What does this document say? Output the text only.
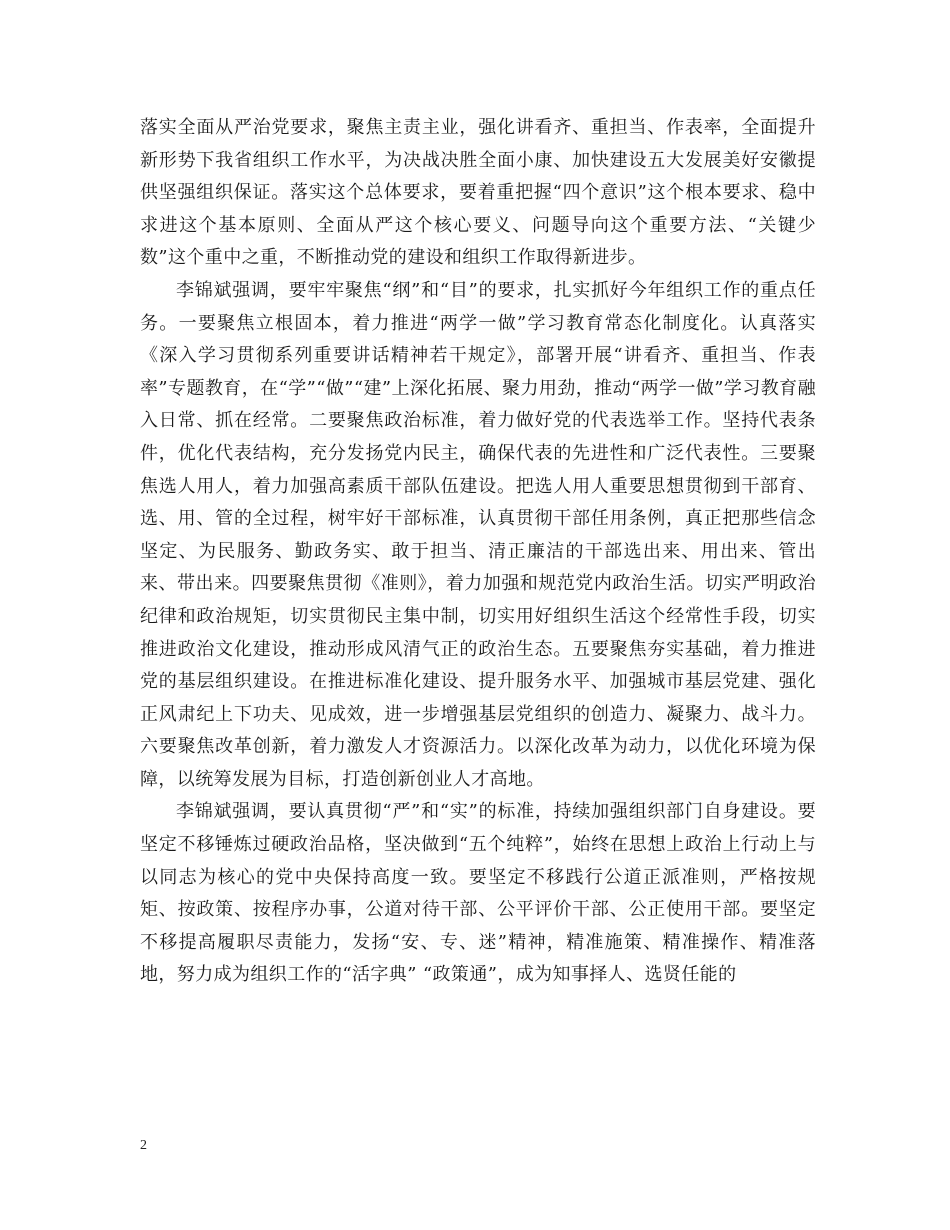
落实全面从严治党要求，聚焦主责主业，强化讲看齐、重担当、作表率，全面提升新形势下我省组织工作水平，为决战决胜全面小康、加快建设五大发展美好安徽提供坚强组织保证。落实这个总体要求，要着重把握“四个意识”这个根本要求、稳中求进这个基本原则、全面从严这个核心要义、问题导向这个重要方法、“关键少数”这个重中之重，不断推动党的建设和组织工作取得新进步。

李锦斌强调，要牢牢聚焦“纲”和“目”的要求，扎实抓好今年组织工作的重点任务。一要聚焦立根固本，着力推进“两学一做”学习教育常态化制度化。认真落实《深入学习贯彻系列重要讲话精神若干规定》，部署开展“讲看齐、重担当、作表率”专题教育，在“学”“做”“建”上深化拓展、聚力用劲，推动“两学一做”学习教育融入日常、抓在经常。二要聚焦政治标准，着力做好党的代表选举工作。坚持代表条件，优化代表结构，充分发扬党内民主，确保代表的先进性和广泛代表性。三要聚焦选人用人，着力加强高素质干部队伍建设。把选人用人重要思想贯彻到干部育、选、用、管的全过程，树牢好干部标准，认真贯彻干部任用条例，真正把那些信念坚定、为民服务、勤政务实、敢于担当、清正廉洁的干部选出来、用出来、管出来、带出来。四要聚焦贯彻《准则》，着力加强和规范党内政治生活。切实严明政治纪律和政治规矩，切实贯彻民主集中制，切实用好组织生活这个经常性手段，切实推进政治文化建设，推动形成风清气正的政治生态。五要聚焦夯实基础，着力推进党的基层组织建设。在推进标准化建设、提升服务水平、加强城市基层党建、强化正风肃纪上下功夫、见成效，进一步增强基层党组织的创造力、凝聚力、战斗力。六要聚焦改革创新，着力激发人才资源活力。以深化改革为动力，以优化环境为保障，以统筹发展为目标，打造创新创业人才高地。

李锦斌强调，要认真贯彻“严”和“实”的标准，持续加强组织部门自身建设。要坚定不移锤炼过硬政治品格，坚决做到“五个纯粹”，始终在思想上政治上行动上与以同志为核心的党中央保持高度一致。要坚定不移践行公道正派准则，严格按规矩、按政策、按程序办事，公道对待干部、公平评价干部、公正使用干部。要坚定不移提高履职尽责能力，发扬“安、专、迷”精神，精准施策、精准操作、精准落地，努力成为组织工作的“活字典” “政策通”，成为知事择人、选贤任能的

2
